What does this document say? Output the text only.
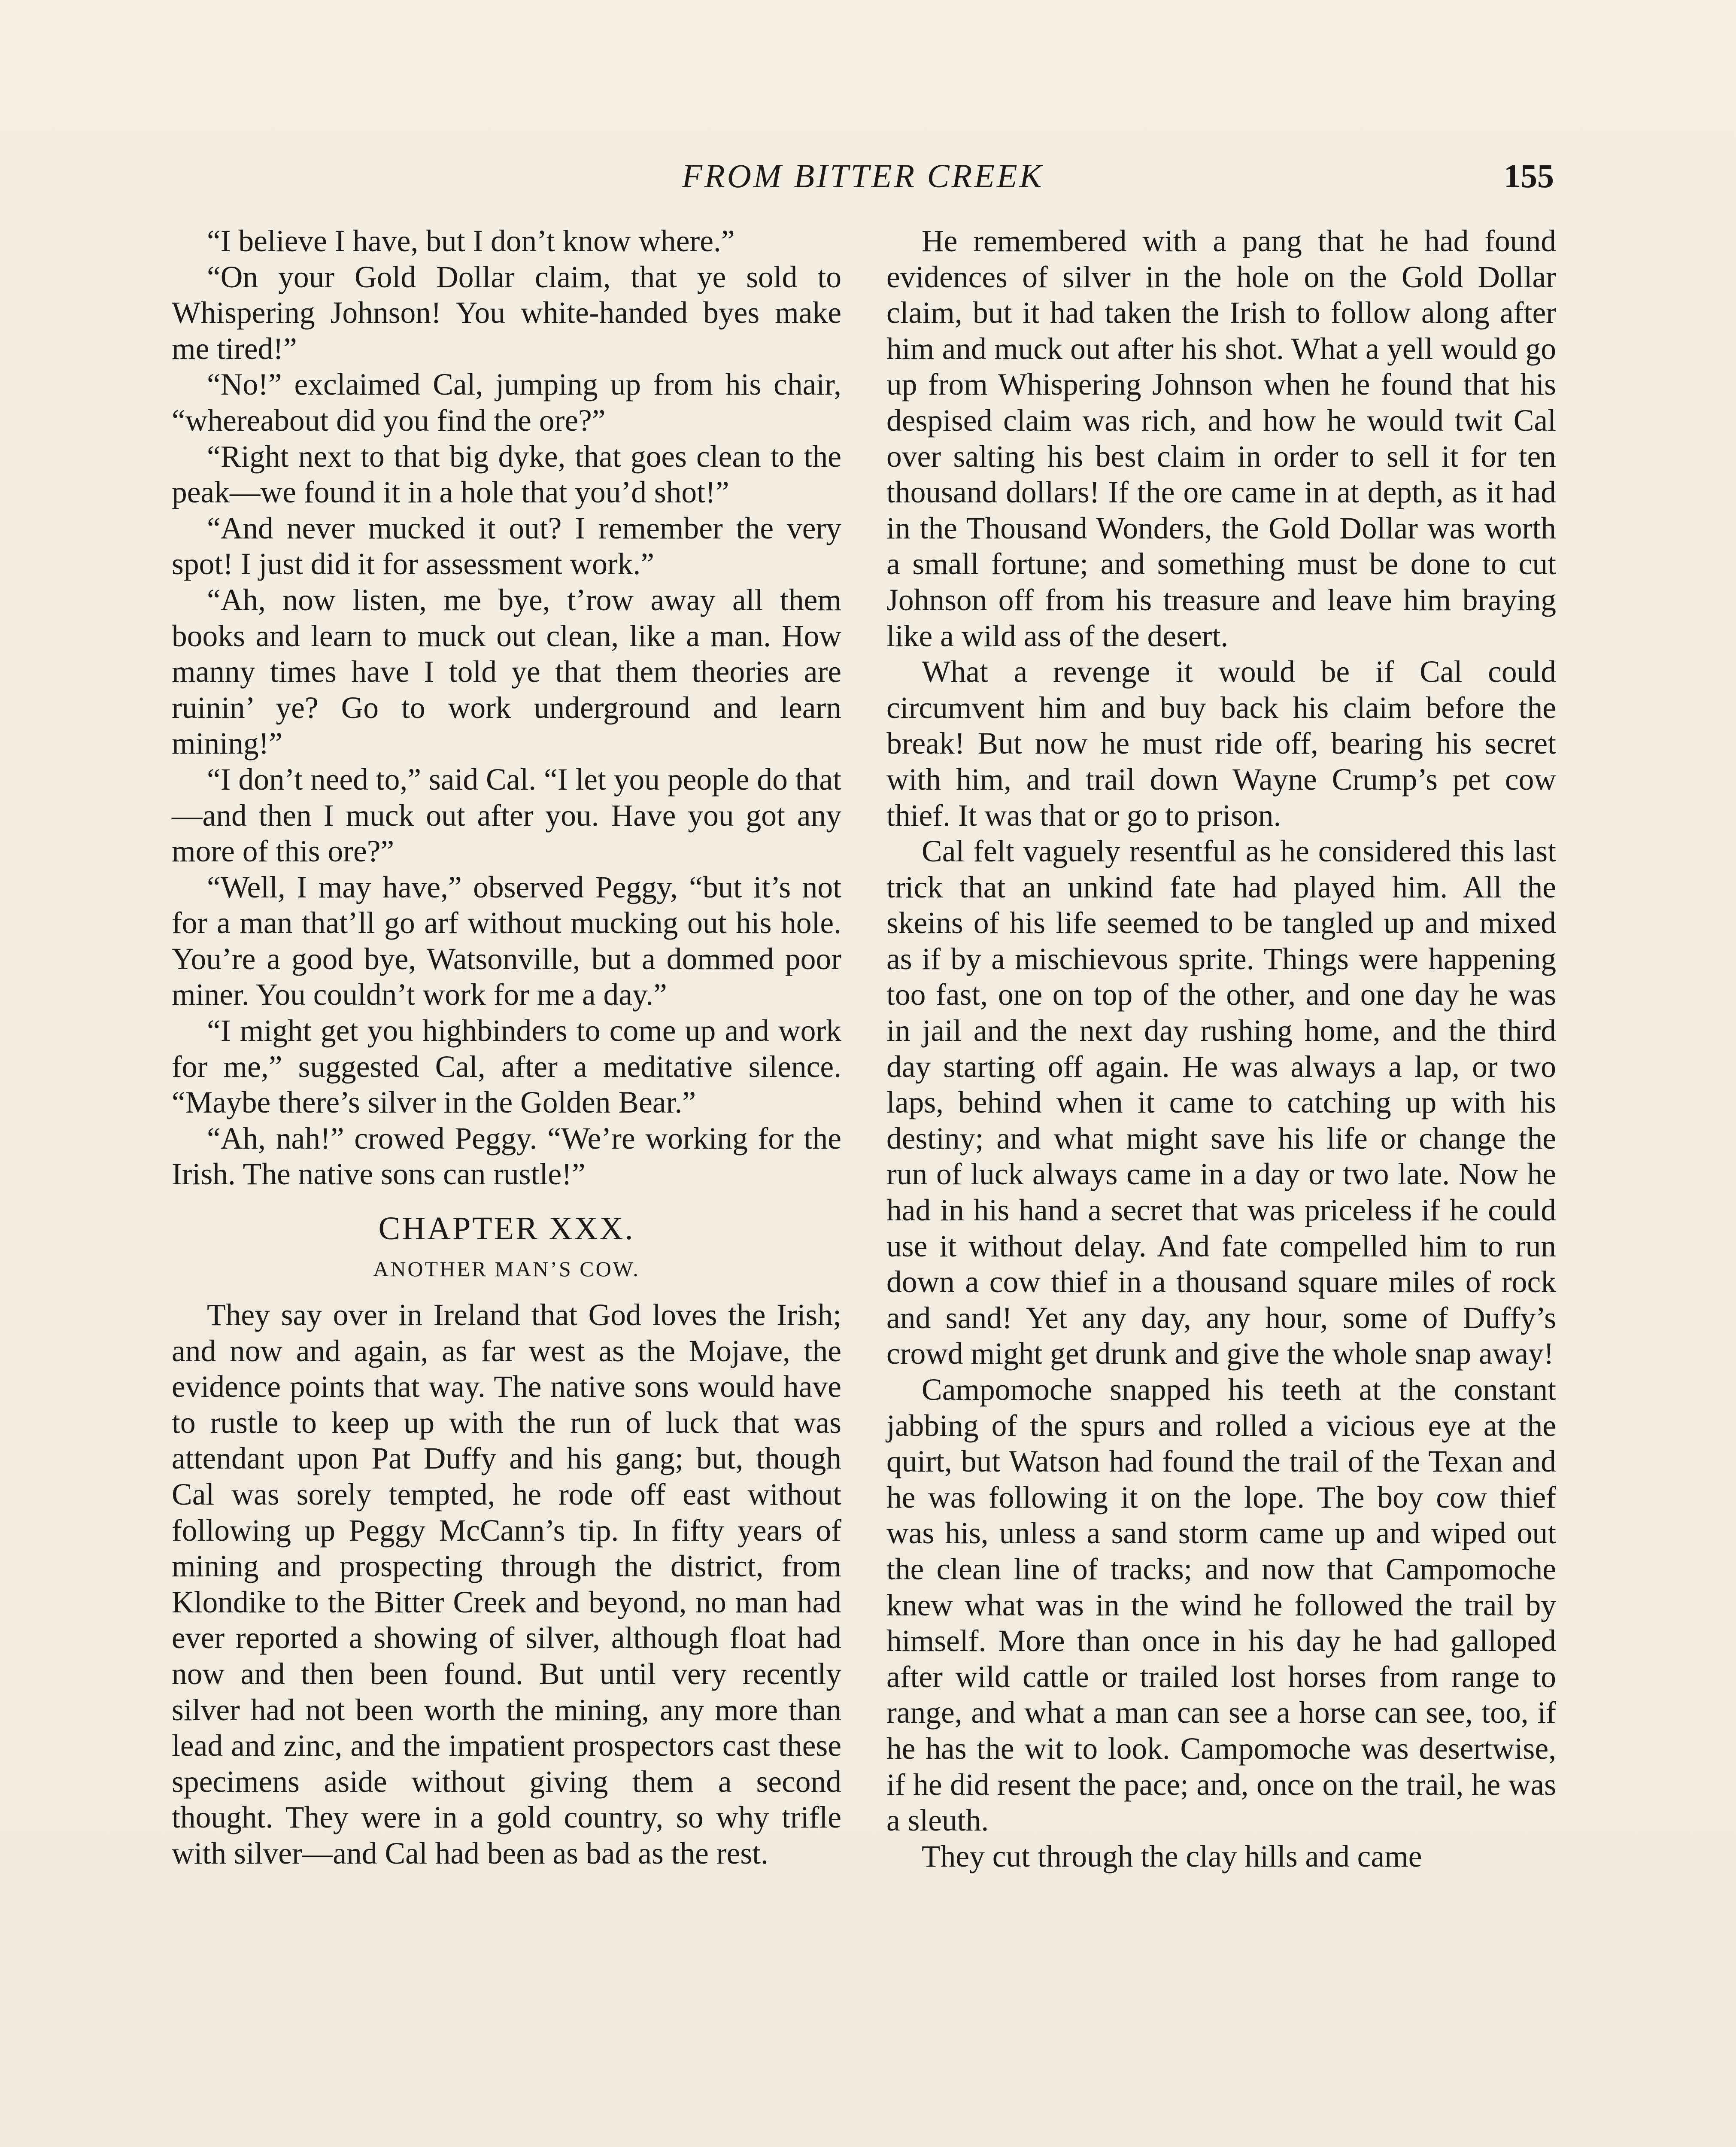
FROM BITTER CREEK	155

“I believe I have, but I don’t know where.”

“On your Gold Dollar claim, that ye sold to Whispering Johnson! You white-handed byes make me tired!”

“No!” exclaimed Cal, jumping up from his chair, “whereabout did you find the ore?”

“Right next to that big dyke, that goes clean to the peak—we found it in a hole that you’d shot!”

“And never mucked it out? I remember the very spot! I just did it for assessment work.”

“Ah, now listen, me bye, t’row away all them books and learn to muck out clean, like a man. How manny times have I told ye that them theories are ruinin’ ye? Go to work underground and learn mining!”

“I don’t need to,” said Cal. “I let you people do that—and then I muck out after you. Have you got any more of this ore?”

“Well, I may have,” observed Peggy, “but it’s not for a man that’ll go arf without mucking out his hole. You’re a good bye, Watsonville, but a dommed poor miner. You couldn’t work for me a day.”

“I might get you highbinders to come up and work for me,” suggested Cal, after a meditative silence. “Maybe there’s silver in the Golden Bear.”

“Ah, nah!” crowed Peggy. “We’re working for the Irish. The native sons can rustle!”

CHAPTER XXX.
ANOTHER MAN’S COW.

They say over in Ireland that God loves the Irish; and now and again, as far west as the Mojave, the evidence points that way. The native sons would have to rustle to keep up with the run of luck that was attendant upon Pat Duffy and his gang; but, though Cal was sorely tempted, he rode off east without following up Peggy McCann’s tip. In fifty years of mining and prospecting through the district, from Klondike to the Bitter Creek and beyond, no man had ever reported a showing of silver, although float had now and then been found. But until very recently silver had not been worth the mining, any more than lead and zinc, and the impatient prospectors cast these specimens aside without giving them a second thought. They were in a gold country, so why trifle with silver—and Cal had been as bad as the rest.

He remembered with a pang that he had found evidences of silver in the hole on the Gold Dollar claim, but it had taken the Irish to follow along after him and muck out after his shot. What a yell would go up from Whispering Johnson when he found that his despised claim was rich, and how he would twit Cal over salting his best claim in order to sell it for ten thousand dollars! If the ore came in at depth, as it had in the Thousand Wonders, the Gold Dollar was worth a small fortune; and something must be done to cut Johnson off from his treasure and leave him braying like a wild ass of the desert.

What a revenge it would be if Cal could circumvent him and buy back his claim before the break! But now he must ride off, bearing his secret with him, and trail down Wayne Crump’s pet cow thief. It was that or go to prison.

Cal felt vaguely resentful as he considered this last trick that an unkind fate had played him. All the skeins of his life seemed to be tangled up and mixed as if by a mischievous sprite. Things were happening too fast, one on top of the other, and one day he was in jail and the next day rushing home, and the third day starting off again. He was always a lap, or two laps, behind when it came to catching up with his destiny; and what might save his life or change the run of luck always came in a day or two late. Now he had in his hand a secret that was priceless if he could use it without delay. And fate compelled him to run down a cow thief in a thousand square miles of rock and sand! Yet any day, any hour, some of Duffy’s crowd might get drunk and give the whole snap away!

Campomoche snapped his teeth at the constant jabbing of the spurs and rolled a vicious eye at the quirt, but Watson had found the trail of the Texan and he was following it on the lope. The boy cow thief was his, unless a sand storm came up and wiped out the clean line of tracks; and now that Campomoche knew what was in the wind he followed the trail by himself. More than once in his day he had galloped after wild cattle or trailed lost horses from range to range, and what a man can see a horse can see, too, if he has the wit to look. Campomoche was desertwise, if he did resent the pace; and, once on the trail, he was a sleuth.

They cut through the clay hills and came
